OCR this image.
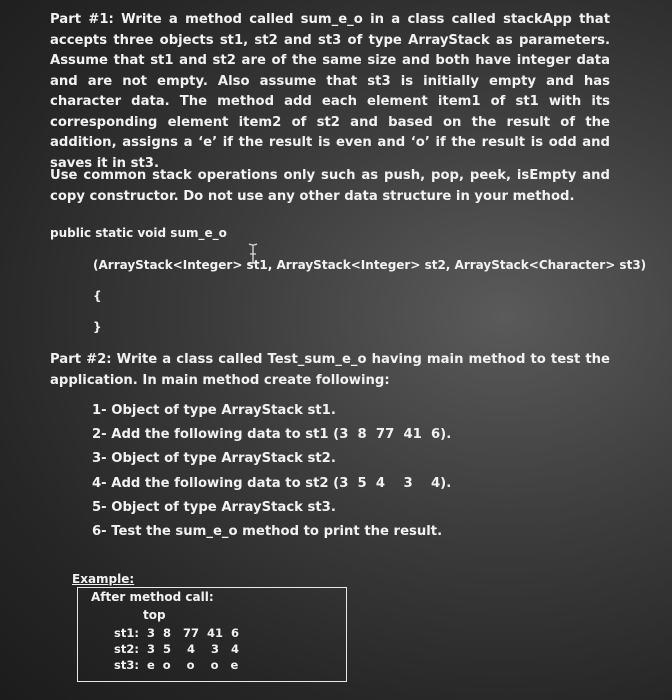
Part #1: Write a method called sum_e_o in a class called stackApp that accepts three objects st1, st2 and st3 of type ArrayStack as parameters. Assume that st1 and st2 are of the same size and both have integer data and are not empty. Also assume that st3 is initially empty and has character data. The method add each element item1 of st1 with its corresponding element item2 of st2 and based on the result of the addition, assigns a ‘e’ if the result is even and ‘o’ if the result is odd and saves it in st3.

Use common stack operations only such as push, pop, peek, isEmpty and copy constructor. Do not use any other data structure in your method.

public static void sum_e_o
(ArrayStack<Integer> st1, ArrayStack<Integer> st2, ArrayStack<Character> st3)
{
}

Part #2: Write a class called Test_sum_e_o having main method to test the application. In main method create following:

1- Object of type ArrayStack st1.
2- Add the following data to st1 (3  8  77  41  6).
3- Object of type ArrayStack st2.
4- Add the following data to st2 (3  5  4    3    4).
5- Object of type ArrayStack st3.
6- Test the sum_e_o method to print the result.
Example:
After method call:
top
st1:  3  8   77  41  6
st2:  3  5    4    3   4
st3:  e  o    o    o   e
